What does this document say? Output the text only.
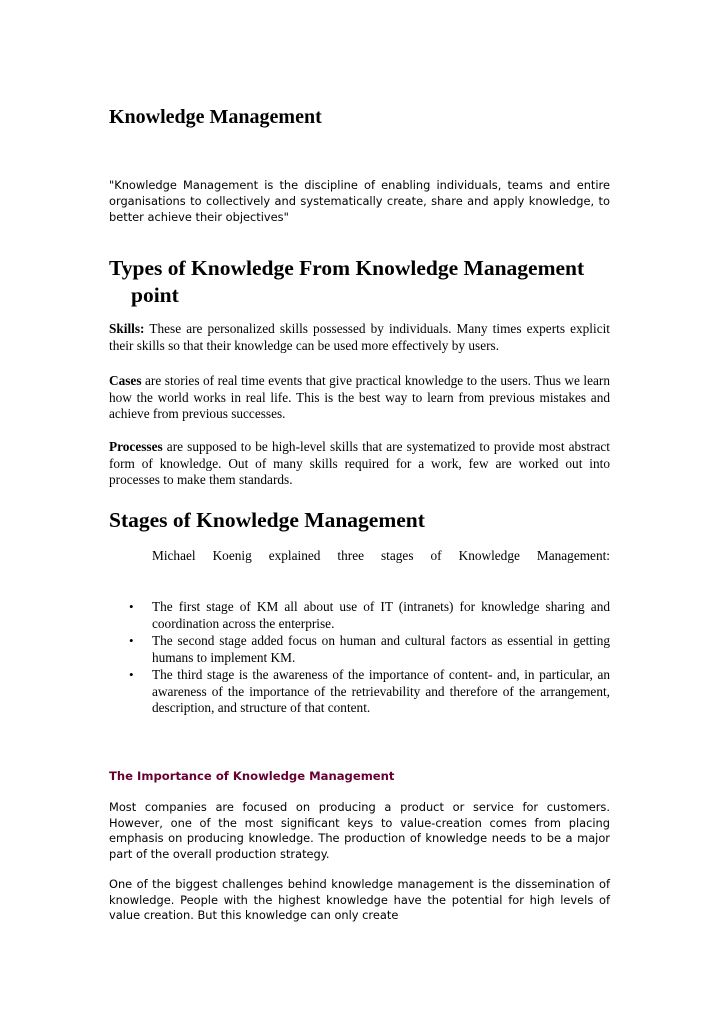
Knowledge Management

"Knowledge Management is the discipline of enabling individuals, teams and entire organisations to collectively and systematically create, share and apply knowledge, to better achieve their objectives"

Types of Knowledge From Knowledge Management
point

Skills: These are personalized skills possessed by individuals. Many times experts explicit their skills so that their knowledge can be used more effectively by users.

Cases are stories of real time events that give practical knowledge to the users. Thus we learn how the world works in real life. This is the best way to learn from previous mistakes and achieve from previous successes.

Processes are supposed to be high-level skills that are systematized to provide most abstract form of knowledge. Out of many skills required for a work, few are worked out into processes to make them standards.

Stages of Knowledge Management

Michael Koenig explained three stages of Knowledge Management:

• The first stage of KM all about use of IT (intranets) for knowledge sharing and coordination across the enterprise.
• The second stage added focus on human and cultural factors as essential in getting humans to implement KM.
• The third stage is the awareness of the importance of content- and, in particular, an awareness of the importance of the retrievability and therefore of the arrangement, description, and structure of that content.
The Importance of Knowledge Management

Most companies are focused on producing a product or service for customers. However, one of the most significant keys to value-creation comes from placing emphasis on producing knowledge. The production of knowledge needs to be a major part of the overall production strategy.

One of the biggest challenges behind knowledge management is the dissemination of knowledge. People with the highest knowledge have the potential for high levels of value creation. But this knowledge can only create
